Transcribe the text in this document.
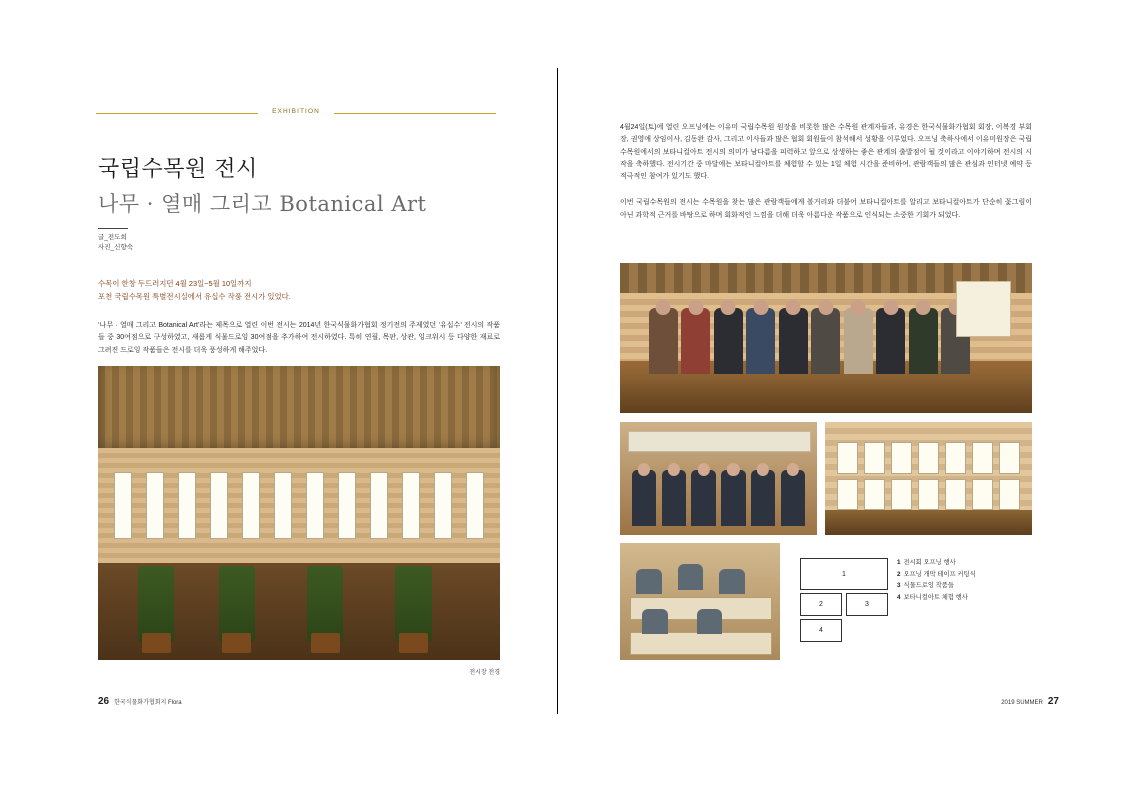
EXHIBITION
국립수목원 전시
나무 · 열매 그리고 Botanical Art
글_전도희
사진_신향숙
수목이 한창 두드러지던 4월 23일~5월 10일까지
포천 국립수목원 특별전시실에서 유십수 작품 전시가 있었다.
‘나무 · 열매 그리고 Botanical Art’라는 제목으로 열린 이번 전시는 2014년 한국식물화가협회 정기전의 주제였던 ‘유십수’ 전시의 작품들 중 30여점으로 구성하였고, 새롭게 식물드로잉 30여점을 추가하여 전시하였다. 특히 연필, 목판, 상관, 잉크워시 등 다양한 재료로 그려진 드로잉 작품들은 전시를 더욱 풍성하게 해주었다.
전시장 전경
26 한국식물화가협회지 Flora

4월24일(토)에 열린 오프닝에는 이유미 국립수목원 원장을 비롯한 많은 수목원 관계자들과, 유경은 한국식물화가협회 회장, 이복경 부회장, 권영애 상임이사, 김동완 감사, 그리고 이사들과 많은 협회 회원들이 참석해서 성황을 이루었다. 오프닝 축하사에서 이유미원장은 국립수목원에서의 보타니컬아트 전시의 의미가 남다름을 피력하고 앞으로 상생하는 좋은 관계의 출발점이 될 것이라고 이야기하며 전시의 시작을 축하했다. 전시기간 중 마달에는 보타니컬아트를 체험할 수 있는 1일 체험 시간을 준비하여, 관람객들의 많은 관심과 인터넷 예약 등 적극적인 참여가 있기도 했다.

이번 국립수목원의 전시는 수목원을 찾는 많은 관람객들에게 볼거리와 더불어 보타니컬아트를 알리고 보타니컬아트가 단순히 꽃그림이 아닌 과학적 근거를 바탕으로 하며 회화적인 느낌을 더해 더욱 아름다운 작품으로 인식되는 소중한 기회가 되었다.

1
2	3
4
1 전시회 오프닝 행사
2 오프닝 개막 테이프 커팅식
3 식물드로잉 작품들
4 보타니컬아트 체험 행사
2019 SUMMER 27
